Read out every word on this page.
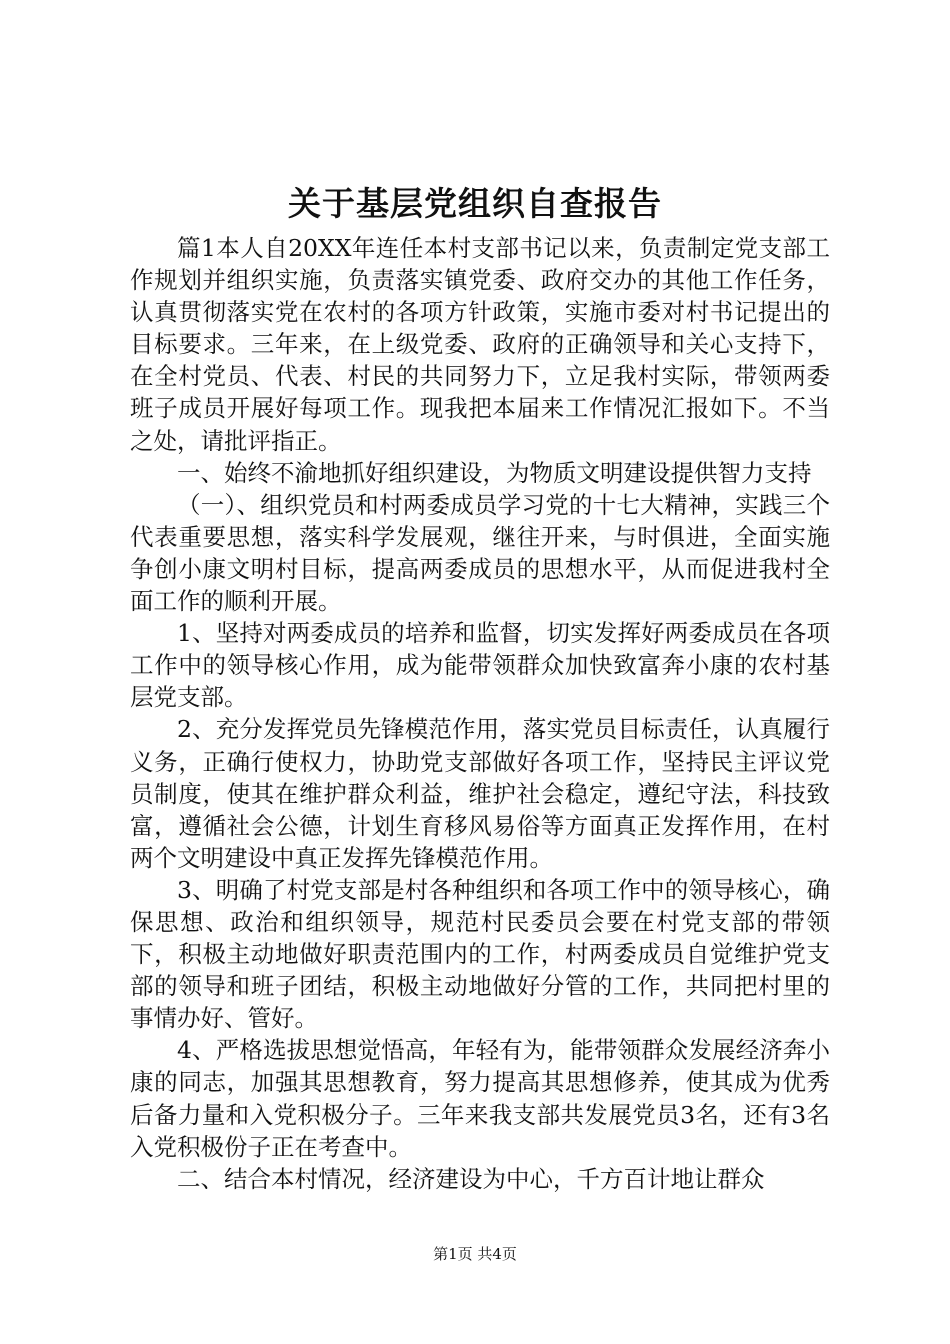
关于基层党组织自查报告

篇1本人自20XX年连任本村支部书记以来，负责制定党支部工作规划并组织实施，负责落实镇党委、政府交办的其他工作任务，认真贯彻落实党在农村的各项方针政策，实施市委对村书记提出的目标要求。三年来，在上级党委、政府的正确领导和关心支持下，在全村党员、代表、村民的共同努力下，立足我村实际，带领两委班子成员开展好每项工作。现我把本届来工作情况汇报如下。不当之处，请批评指正。

一、始终不渝地抓好组织建设，为物质文明建设提供智力支持

（一）、组织党员和村两委成员学习党的十七大精神，实践三个代表重要思想，落实科学发展观，继往开来，与时俱进，全面实施争创小康文明村目标，提高两委成员的思想水平，从而促进我村全面工作的顺利开展。

1、坚持对两委成员的培养和监督，切实发挥好两委成员在各项工作中的领导核心作用，成为能带领群众加快致富奔小康的农村基层党支部。

2、充分发挥党员先锋模范作用，落实党员目标责任，认真履行义务，正确行使权力，协助党支部做好各项工作，坚持民主评议党员制度，使其在维护群众利益，维护社会稳定，遵纪守法，科技致富，遵循社会公德，计划生育移风易俗等方面真正发挥作用，在村两个文明建设中真正发挥先锋模范作用。

3、明确了村党支部是村各种组织和各项工作中的领导核心，确保思想、政治和组织领导，规范村民委员会要在村党支部的带领下，积极主动地做好职责范围内的工作，村两委成员自觉维护党支部的领导和班子团结，积极主动地做好分管的工作，共同把村里的事情办好、管好。

4、严格选拔思想觉悟高，年轻有为，能带领群众发展经济奔小康的同志，加强其思想教育，努力提高其思想修养，使其成为优秀后备力量和入党积极分子。三年来我支部共发展党员3名，还有3名入党积极份子正在考查中。

二、结合本村情况，经济建设为中心，千方百计地让群众

第1页 共4页
